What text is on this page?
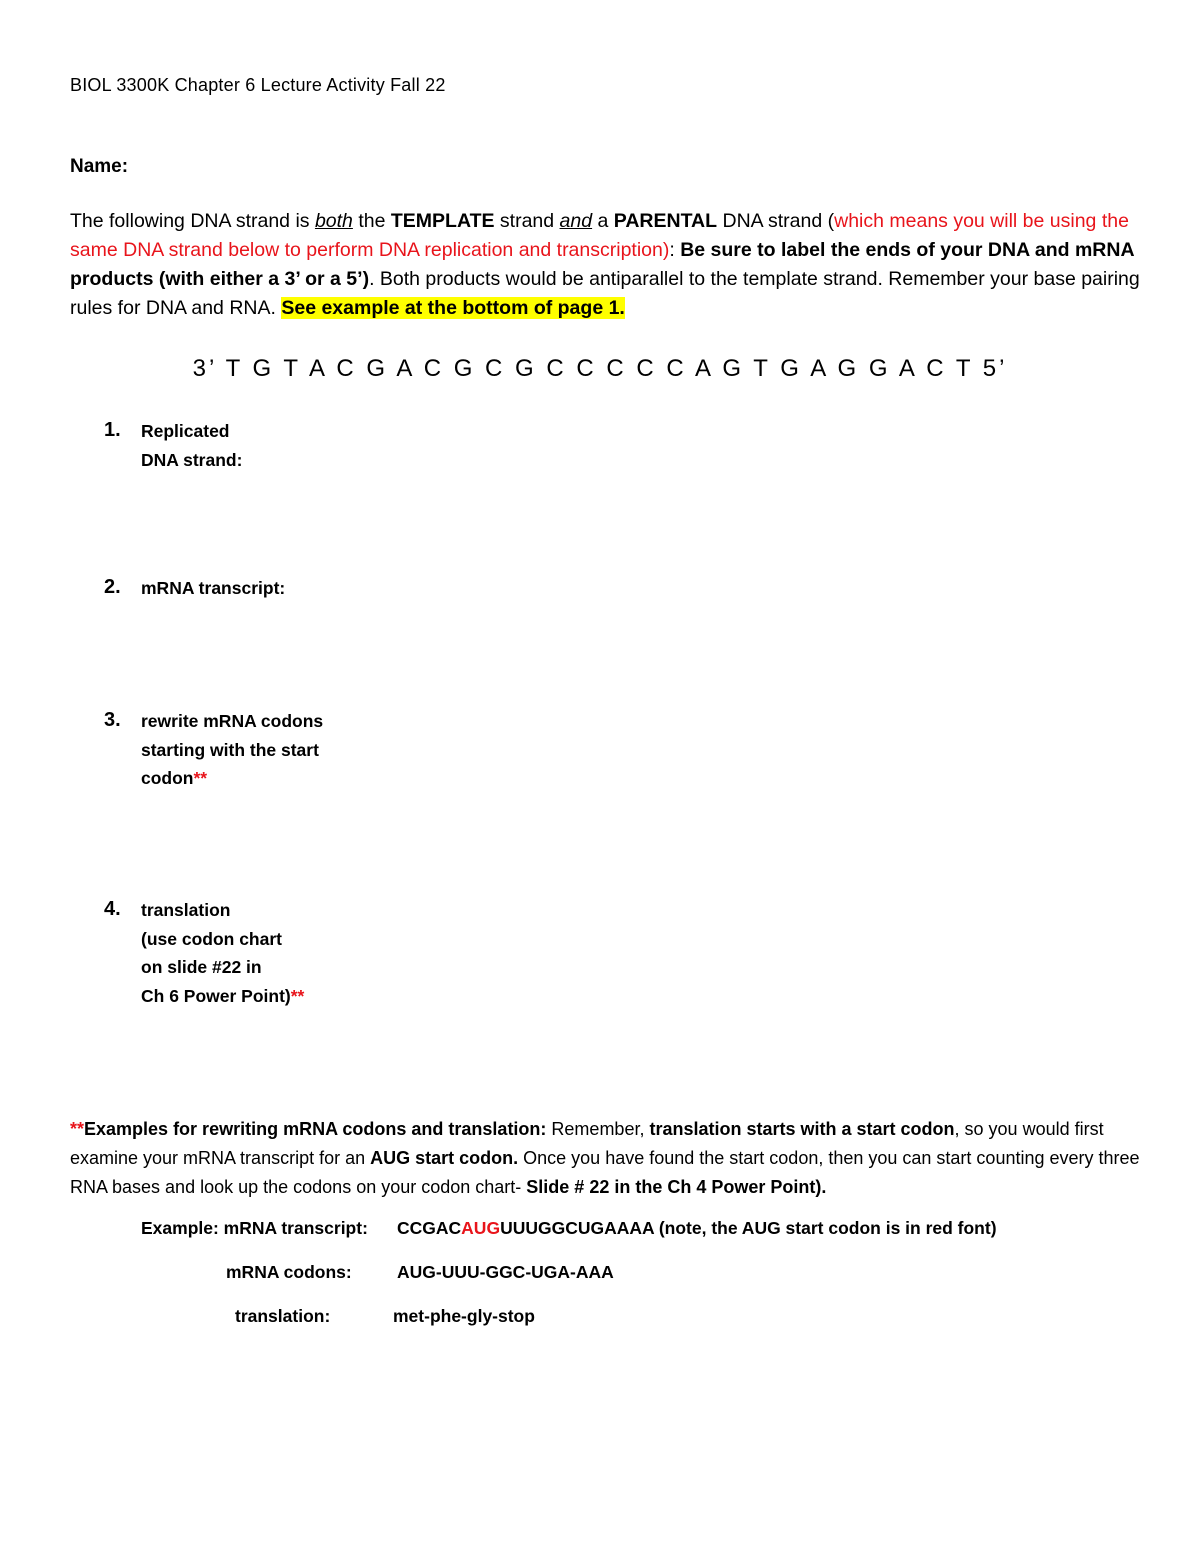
BIOL 3300K Chapter 6 Lecture Activity Fall 22
Name:
The following DNA strand is both the TEMPLATE strand and a PARENTAL DNA strand (which means you will be using the same DNA strand below to perform DNA replication and transcription): Be sure to label the ends of your DNA and mRNA products (with either a 3’ or a 5’). Both products would be antiparallel to the template strand. Remember your base pairing rules for DNA and RNA. See example at the bottom of page 1.
3’ T G T A C G A C G C G C C C C C A G T G A G G A C T 5’
1. Replicated
DNA strand:
2. mRNA transcript:
3. rewrite mRNA codons
starting with the start
codon**
4. translation
(use codon chart
on slide #22 in
Ch 6 Power Point)**
**Examples for rewriting mRNA codons and translation: Remember, translation starts with a start codon, so you would first examine your mRNA transcript for an AUG start codon. Once you have found the start codon, then you can start counting every three RNA bases and look up the codons on your codon chart- Slide # 22 in the Ch 4 Power Point).
Example: mRNA transcript: CCGACAUGUUUGGCUGAAAA (note, the AUG start codon is in red font)
mRNA codons:	AUG-UUU-GGC-UGA-AAA
translation:	met-phe-gly-stop
